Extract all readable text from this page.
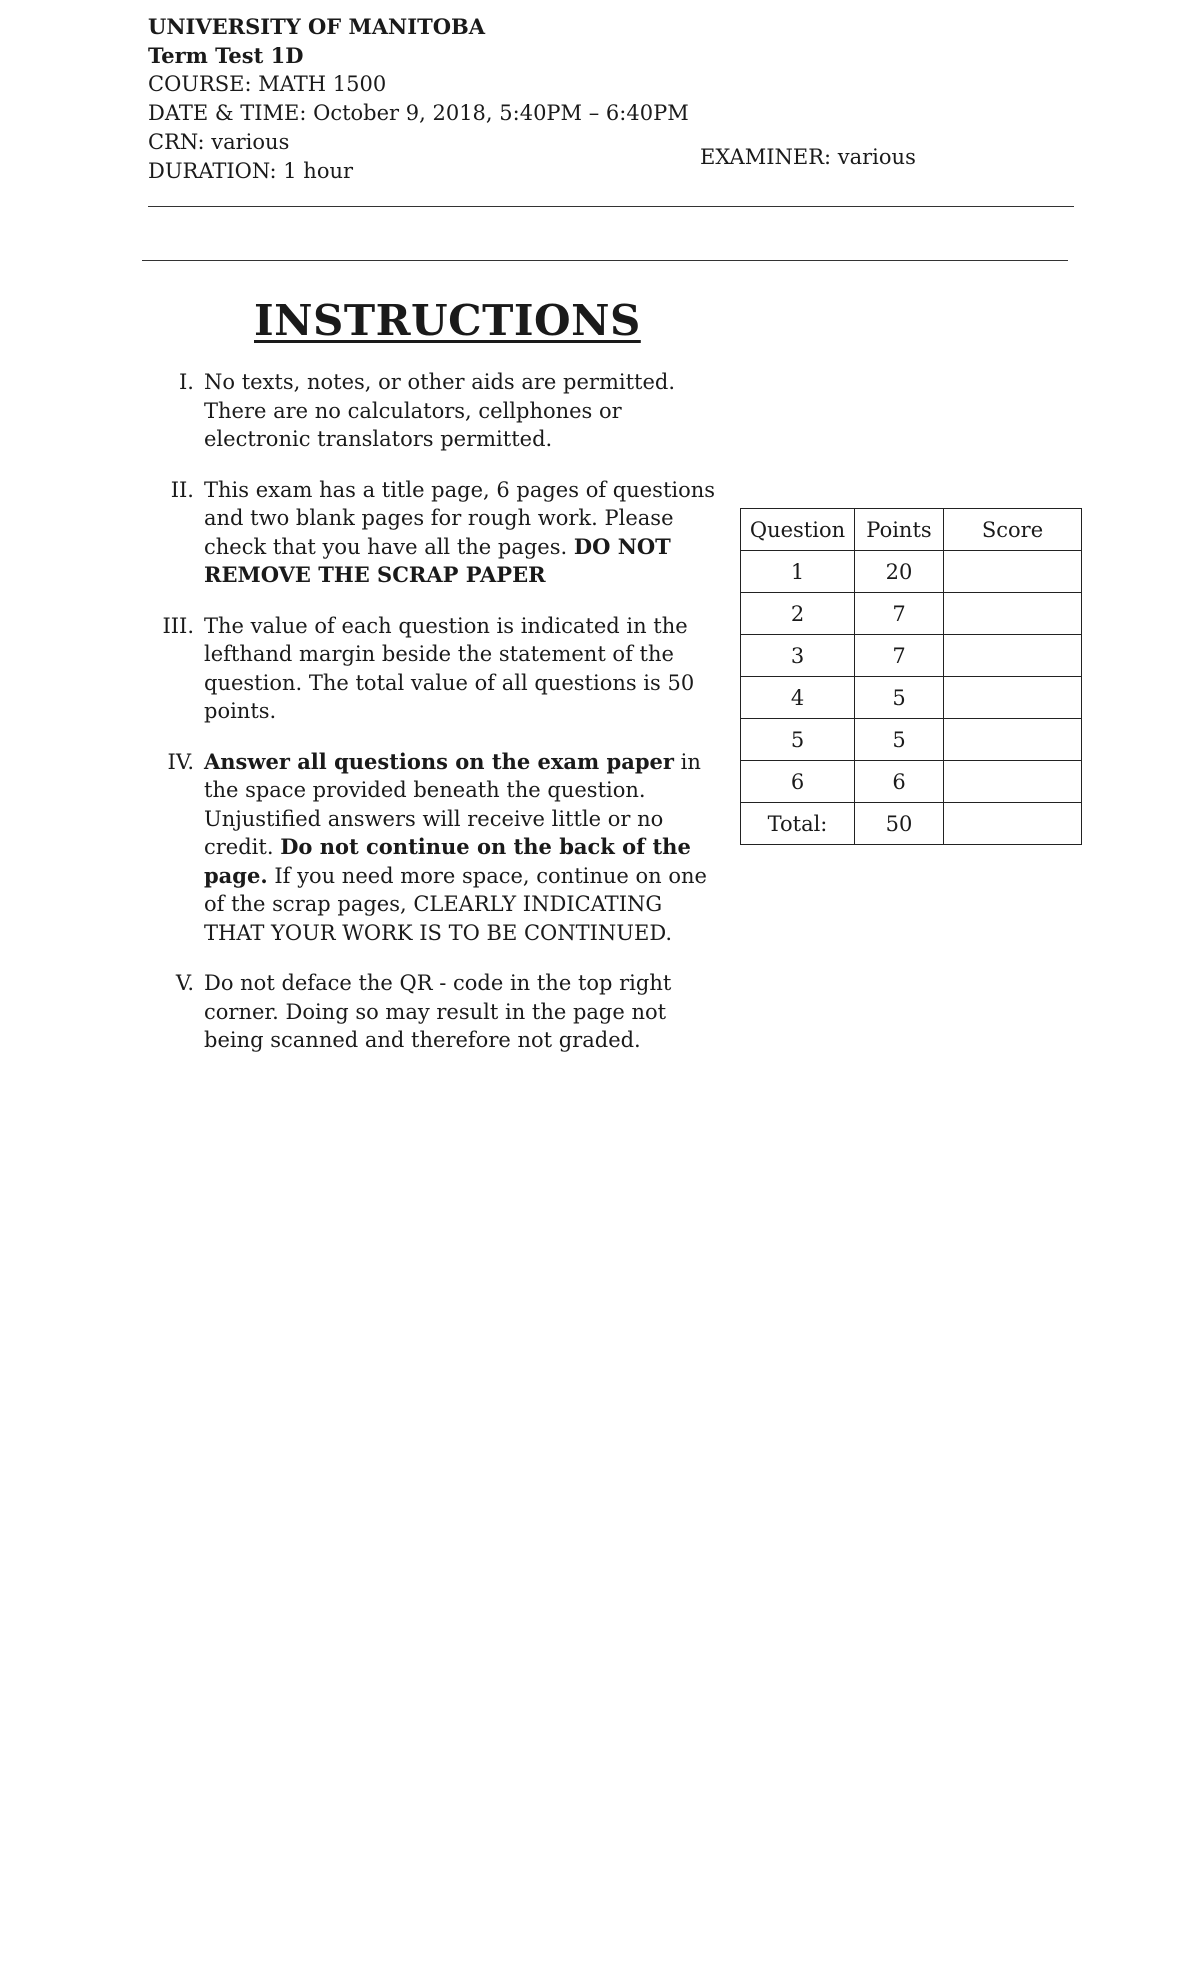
UNIVERSITY OF MANITOBA
Term Test 1D
COURSE: MATH 1500
DATE & TIME: October 9, 2018, 5:40PM – 6:40PM
CRN: various
DURATION: 1 hour
EXAMINER: various
INSTRUCTIONS
I. No texts, notes, or other aids are permitted. There are no calculators, cellphones or electronic translators permitted.
II. This exam has a title page, 6 pages of questions and two blank pages for rough work. Please check that you have all the pages. DO NOT REMOVE THE SCRAP PAPER
III. The value of each question is indicated in the lefthand margin beside the statement of the question. The total value of all questions is 50 points.
IV. Answer all questions on the exam paper in the space provided beneath the question. Unjustified answers will receive little or no credit. Do not continue on the back of the page. If you need more space, continue on one of the scrap pages, CLEARLY INDICATING THAT YOUR WORK IS TO BE CONTINUED.
V. Do not deface the QR - code in the top right corner. Doing so may result in the page not being scanned and therefore not graded.
Question	Points	Score
1	20	
2	7	
3	7	
4	5	
5	5	
6	6	
Total:	50	
